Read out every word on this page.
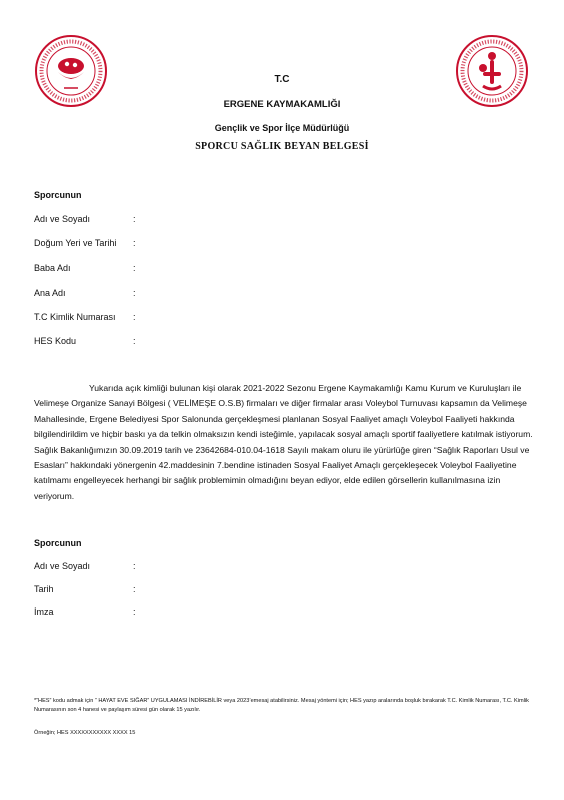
T.C
ERGENE KAYMAKAMLIĞI
Gençlik ve Spor İlçe Müdürlüğü
SPORCU SAĞLIK BEYAN BELGESİ
Sporcunun
Adı ve Soyadı	:
Doğum Yeri ve Tarihi :
Baba Adı	:
Ana Adı	:
T.C Kimlik Numarası :
HES Kodu	:
Yukarıda açık kimliği bulunan kişi olarak 2021-2022 Sezonu Ergene Kaymakamlığı Kamu Kurum ve Kuruluşları ile Velimeşe Organize Sanayi Bölgesi ( VELİMEŞE O.S.B) firmaları ve diğer firmalar arası Voleybol Turnuvası kapsamın da Velimeşe Mahallesinde, Ergene Belediyesi Spor Salonunda gerçekleşmesi planlanan Sosyal Faaliyet amaçlı Voleybol Faaliyeti hakkında bilgilendirildim ve hiçbir baskı ya da telkin olmaksızın kendi isteğimle, yapılacak sosyal amaçlı sportif faaliyetlere katılmak istiyorum. Sağlık Bakanlığımızın 30.09.2019 tarih ve 23642684-010.04-1618 Sayılı makam oluru ile yürürlüğe giren “Sağlık Raporları Usul ve Esasları” hakkındaki yönergenin 42.maddesinin 7.bendine istinaden Sosyal Faaliyet Amaçlı gerçekleşecek Voleybol Faaliyetine katılmamı engelleyecek herhangi bir sağlık problemimin olmadığını beyan ediyor, elde edilen görsellerin kullanılmasına izin veriyorum.
Sporcunun
Adı ve Soyadı	:
Tarih	:
İmza	:
*“HES” kodu admak için “ HAYAT EVE SIĞAR” UYGULAMASI İNDİREBİLİR veya 2023’emesaj atabilirsiniz. Mesaj yöntemi için; HES yazıp aralarında boşluk bırakarak T.C. Kimlik Numarası, T.C. Kimlik Numarasının son 4 hanesi ve paylaşım süresi gün olarak 15 yazılır.
Örneğin; HES XXXXXXXXXXX XXXX 15
